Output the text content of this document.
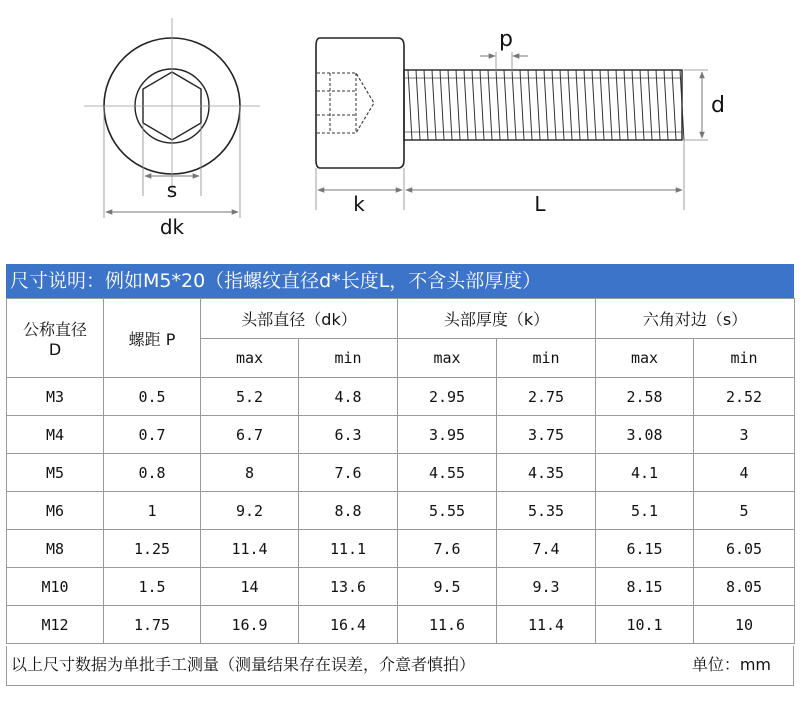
s
dk
p
d
k	L
尺寸说明：例如M5*20（指螺纹直径d*长度L，不含头部厚度）
公称直径
D	螺距 P	头部直径（dk）		头部厚度（k）		六角对边（s）	
		max	min	max	min	max	min
M3	0.5	5.2	4.8	2.95	2.75	2.58	2.52
M4	0.7	6.7	6.3	3.95	3.75	3.08	3
M5	0.8	8	7.6	4.55	4.35	4.1	4
M6	1	9.2	8.8	5.55	5.35	5.1	5
M8	1.25	11.4	11.1	7.6	7.4	6.15	6.05
M10	1.5	14	13.6	9.5	9.3	8.15	8.05
M12	1.75	16.9	16.4	11.6	11.4	10.1	10
以上尺寸数据为单批手工测量（测量结果存在误差，介意者慎拍）	单位：mm
